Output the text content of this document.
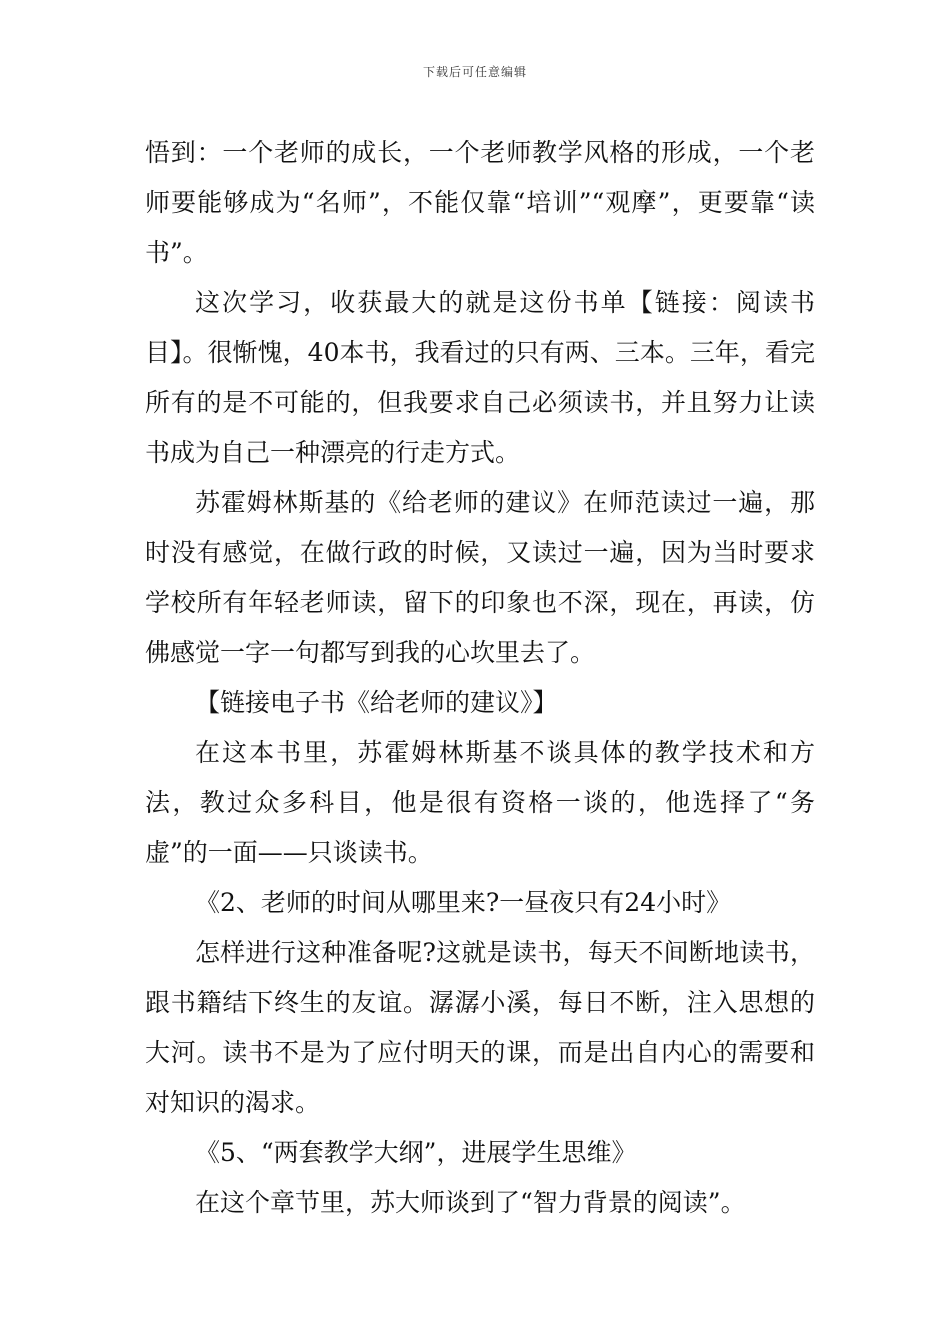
下载后可任意编辑

悟到：一个老师的成长，一个老师教学风格的形成，一个老师要能够成为“名师”，不能仅靠“培训”“观摩”，更要靠“读书”。

这次学习，收获最大的就是这份书单【链接：阅读书目】。很惭愧，40本书，我看过的只有两、三本。三年，看完所有的是不可能的，但我要求自己必须读书，并且努力让读书成为自己一种漂亮的行走方式。

苏霍姆林斯基的《给老师的建议》在师范读过一遍，那时没有感觉，在做行政的时候，又读过一遍，因为当时要求学校所有年轻老师读，留下的印象也不深，现在，再读，仿佛感觉一字一句都写到我的心坎里去了。

【链接电子书《给老师的建议》】

在这本书里，苏霍姆林斯基不谈具体的教学技术和方法，教过众多科目，他是很有资格一谈的，他选择了“务虚”的一面——只谈读书。

《2、老师的时间从哪里来?一昼夜只有24小时》

怎样进行这种准备呢?这就是读书，每天不间断地读书，跟书籍结下终生的友谊。潺潺小溪，每日不断，注入思想的大河。读书不是为了应付明天的课，而是出自内心的需要和对知识的渴求。

《5、“两套教学大纲”，进展学生思维》

在这个章节里，苏大师谈到了“智力背景的阅读”。
